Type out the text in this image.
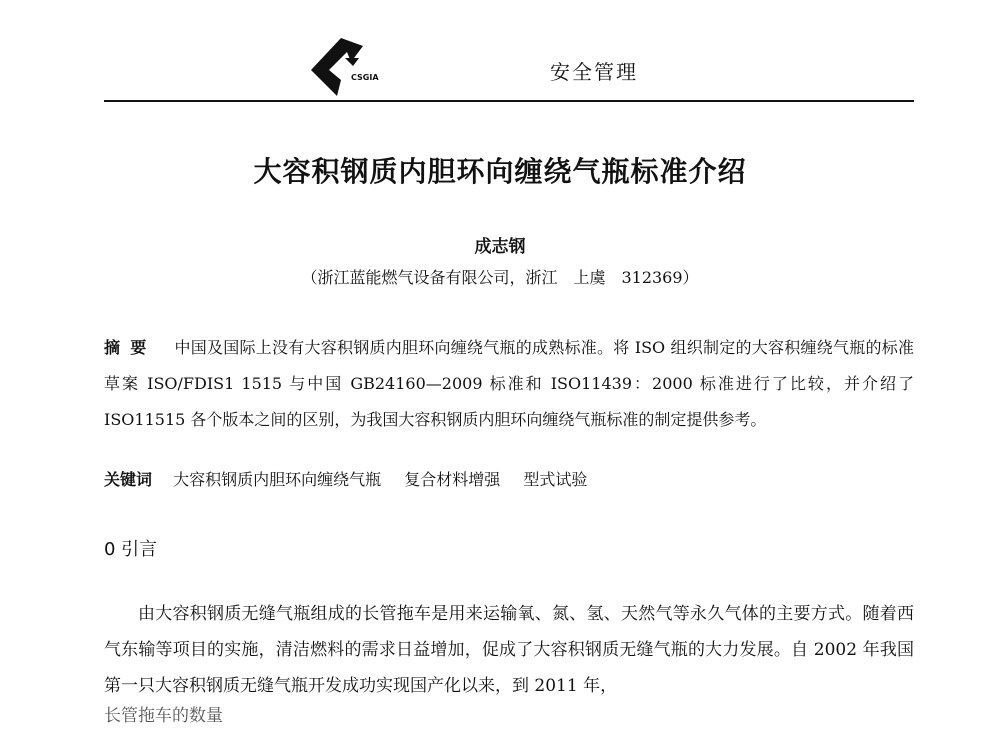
CSGIA	安全管理
大容积钢质内胆环向缠绕气瓶标准介绍
成志钢
（浙江蓝能燃气设备有限公司，浙江　上虞　312369）
摘要 中国及国际上没有大容积钢质内胆环向缠绕气瓶的成熟标准。将 ISO 组织制定的大容积缠绕气瓶的标准草案 ISO/FDIS1 1515 与中国 GB24160—2009 标准和 ISO11439：2000 标准进行了比较，并介绍了 ISO11515 各个版本之间的区别，为我国大容积钢质内胆环向缠绕气瓶标准的制定提供参考。
关键词 大容积钢质内胆环向缠绕气瓶 复合材料增强 型式试验
0 引言
由大容积钢质无缝气瓶组成的长管拖车是用来运输氧、氮、氢、天然气等永久气体的主要方式。随着西气东输等项目的实施，清洁燃料的需求日益增加，促成了大容积钢质无缝气瓶的大力发展。自 2002 年我国第一只大容积钢质无缝气瓶开发成功实现国产化以来，到 2011 年，
长管拖车的数量
